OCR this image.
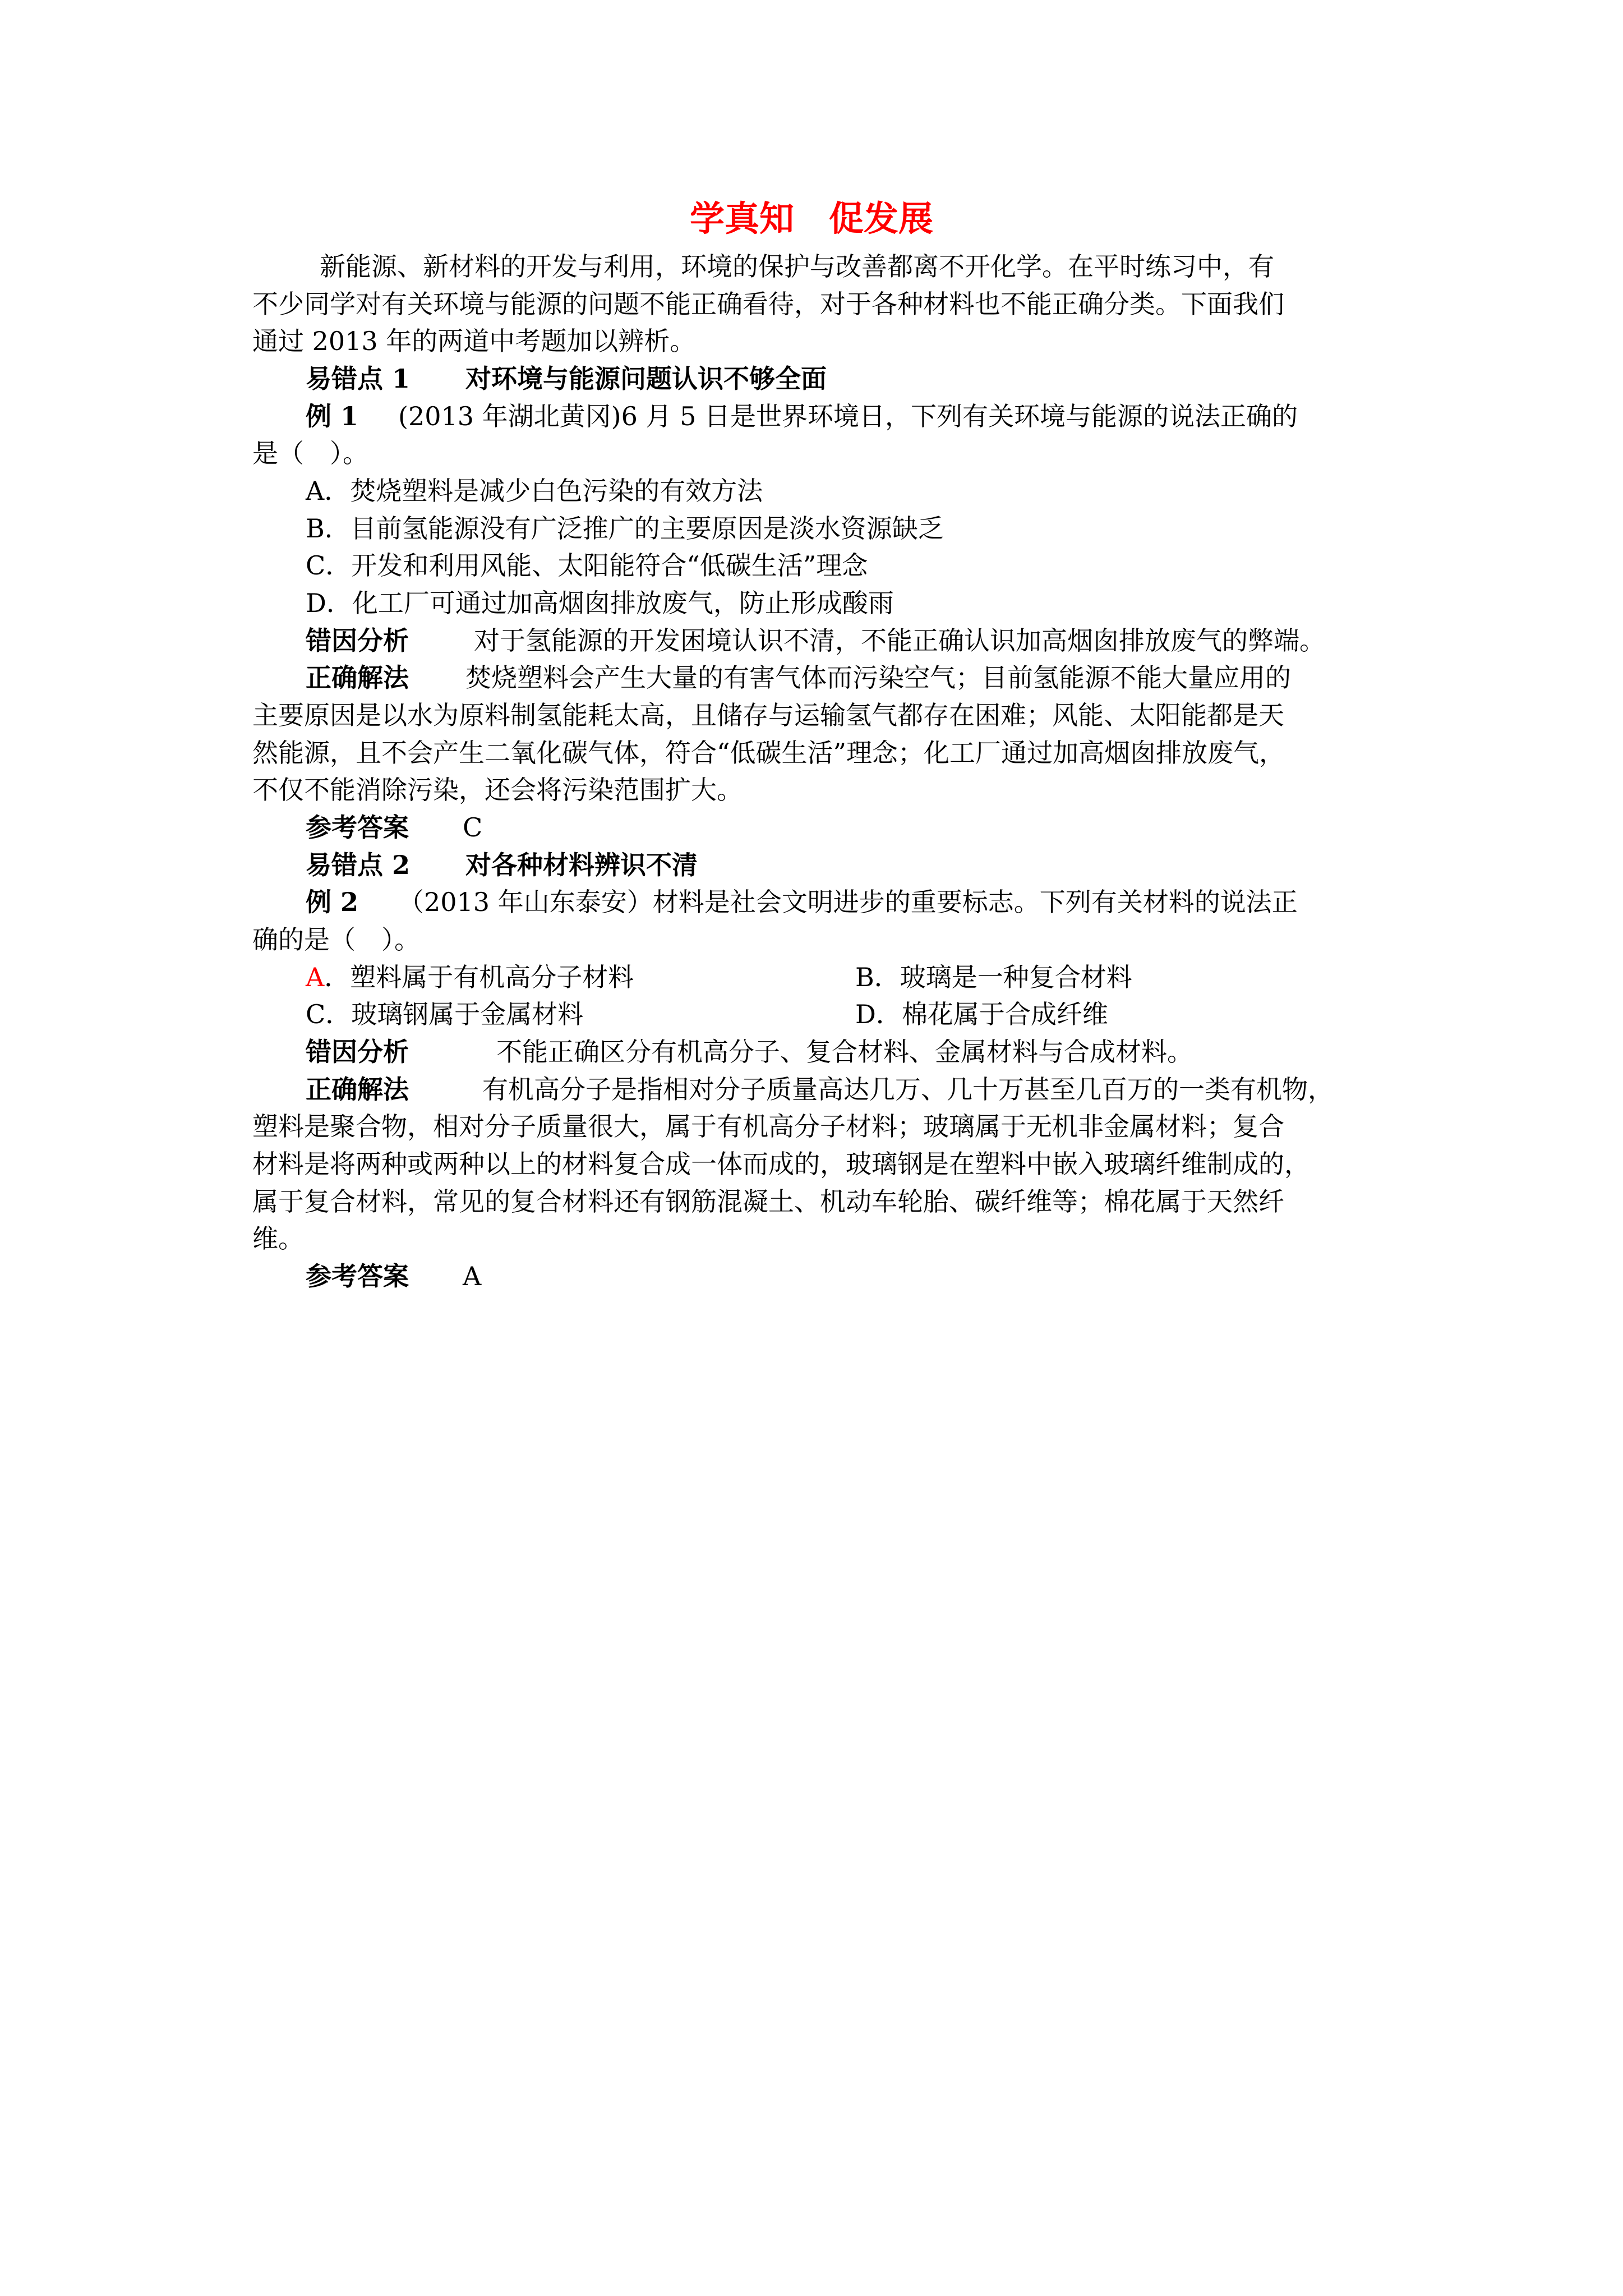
学真知　促发展
新能源、新材料的开发与利用，环境的保护与改善都离不开化学。在平时练习中，有
不少同学对有关环境与能源的问题不能正确看待，对于各种材料也不能正确分类。下面我们
通过 2013 年的两道中考题加以辨析。
易错点 1 对环境与能源问题认识不够全面
例 1 (2013 年湖北黄冈)6 月 5 日是世界环境日，下列有关环境与能源的说法正确的
是（　）。
A．焚烧塑料是减少白色污染的有效方法
B．目前氢能源没有广泛推广的主要原因是淡水资源缺乏
C．开发和利用风能、太阳能符合“低碳生活”理念
D．化工厂可通过加高烟囱排放废气，防止形成酸雨
错因分析	对于氢能源的开发困境认识不清，不能正确认识加高烟囱排放废气的弊端。
正确解法 焚烧塑料会产生大量的有害气体而污染空气；目前氢能源不能大量应用的
主要原因是以水为原料制氢能耗太高，且储存与运输氢气都存在困难；风能、太阳能都是天
然能源，且不会产生二氧化碳气体，符合“低碳生活”理念；化工厂通过加高烟囱排放废气，
不仅不能消除污染，还会将污染范围扩大。
参考答案 C
易错点 2 对各种材料辨识不清
例 2 （2013 年山东泰安）材料是社会文明进步的重要标志。下列有关材料的说法正
确的是（　）。
A．塑料属于有机高分子材料	B．玻璃是一种复合材料
C．玻璃钢属于金属材料	D．棉花属于合成纤维
错因分析	不能正确区分有机高分子、复合材料、金属材料与合成材料。
正确解法	有机高分子是指相对分子质量高达几万、几十万甚至几百万的一类有机物，
塑料是聚合物，相对分子质量很大，属于有机高分子材料；玻璃属于无机非金属材料；复合
材料是将两种或两种以上的材料复合成一体而成的，玻璃钢是在塑料中嵌入玻璃纤维制成的，
属于复合材料，常见的复合材料还有钢筋混凝土、机动车轮胎、碳纤维等；棉花属于天然纤
维。
参考答案 A
